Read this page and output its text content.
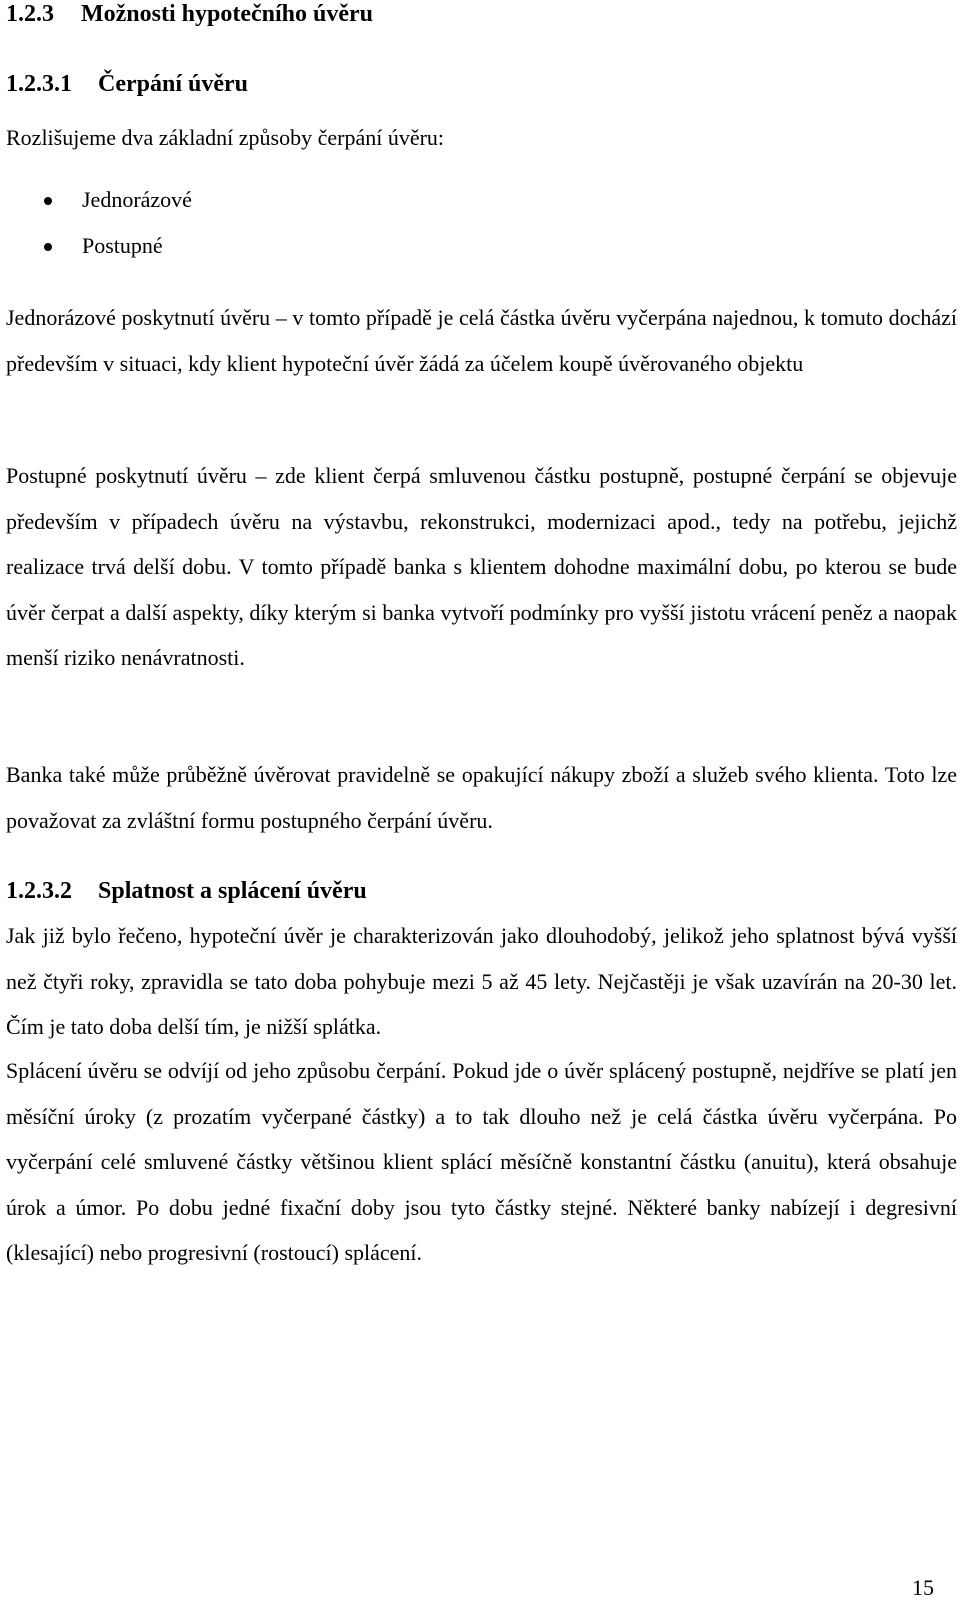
1.2.3 Možnosti hypotečního úvěru
1.2.3.1 Čerpání úvěru

Rozlišujeme dva základní způsoby čerpání úvěru:

Jednorázové
Postupné

Jednorázové poskytnutí úvěru – v tomto případě je celá částka úvěru vyčerpána najednou, k tomuto dochází především v situaci, kdy klient hypoteční úvěr žádá za účelem koupě úvěrovaného objektu

Postupné poskytnutí úvěru – zde klient čerpá smluvenou částku postupně, postupné čerpání se objevuje především v případech úvěru na výstavbu, rekonstrukci, modernizaci apod., tedy na potřebu, jejichž realizace trvá delší dobu. V tomto případě banka s klientem dohodne maximální dobu, po kterou se bude úvěr čerpat a další aspekty, díky kterým si banka vytvoří podmínky pro vyšší jistotu vrácení peněz a naopak menší riziko nenávratnosti.

Banka také může průběžně úvěrovat pravidelně se opakující nákupy zboží a služeb svého klienta. Toto lze považovat za zvláštní formu postupného čerpání úvěru.

1.2.3.2 Splatnost a splácení úvěru

Jak již bylo řečeno, hypoteční úvěr je charakterizován jako dlouhodobý, jelikož jeho splatnost bývá vyšší než čtyři roky, zpravidla se tato doba pohybuje mezi 5 až 45 lety. Nejčastěji je však uzavírán na 20-30 let. Čím je tato doba delší tím, je nižší splátka.

Splácení úvěru se odvíjí od jeho způsobu čerpání. Pokud jde o úvěr splácený postupně, nejdříve se platí jen měsíční úroky (z prozatím vyčerpané částky) a to tak dlouho než je celá částka úvěru vyčerpána. Po vyčerpání celé smluvené částky většinou klient splácí měsíčně konstantní částku (anuitu), která obsahuje úrok a úmor. Po dobu jedné fixační doby jsou tyto částky stejné. Některé banky nabízejí i degresivní (klesající) nebo progresivní (rostoucí) splácení.

15
